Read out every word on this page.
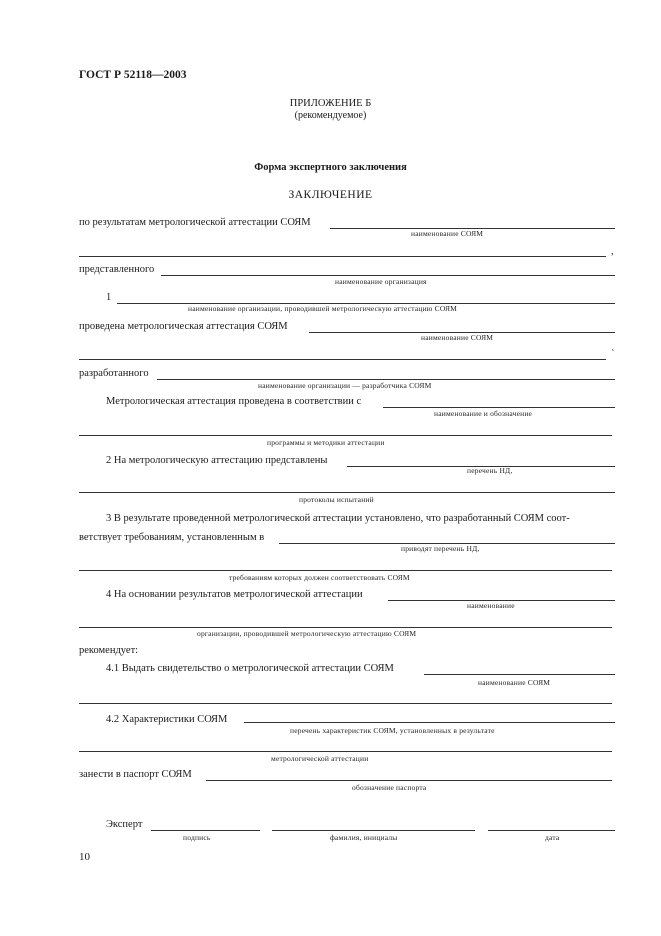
ГОСТ Р 52118—2003
ПРИЛОЖЕНИЕ Б
(рекомендуемое)
Форма экспертного заключения
ЗАКЛЮЧЕНИЕ
по результатам метрологической аттестации СОЯМ
наименование СОЯМ
,
представленного
наименование организация
1
наименование организации, проводившей метрологическую аттестацию СОЯМ
проведена метрологическая аттестация СОЯМ
наименование СОЯМ
`
разработанного
наименование организации — разработчика СОЯМ
Метрологическая аттестация проведена в соответствии с
наименование и обозначение
программы и методики аттестации
2 На метрологическую аттестацию представлены
перечень НД,
протоколы испытаний
3 В результате проведенной метрологической аттестации установлено, что разработанный СОЯМ соот-
ветствует требованиям, установленным в
приводят перечень НД,
требованиям которых должен соответствовать СОЯМ
4 На основании результатов метрологической аттестации
наименование
организации, проводившей метрологическую аттестацию СОЯМ
рекомендует:
4.1 Выдать свидетельство о метрологической аттестации СОЯМ
наименование СОЯМ
4.2 Характеристики СОЯМ
перечень характеристик СОЯМ, установленных в результате
метрологической аттестации
занести в паспорт СОЯМ
обозначение паспорта
Эксперт
подпись	фамилия, инициалы	дата
10
